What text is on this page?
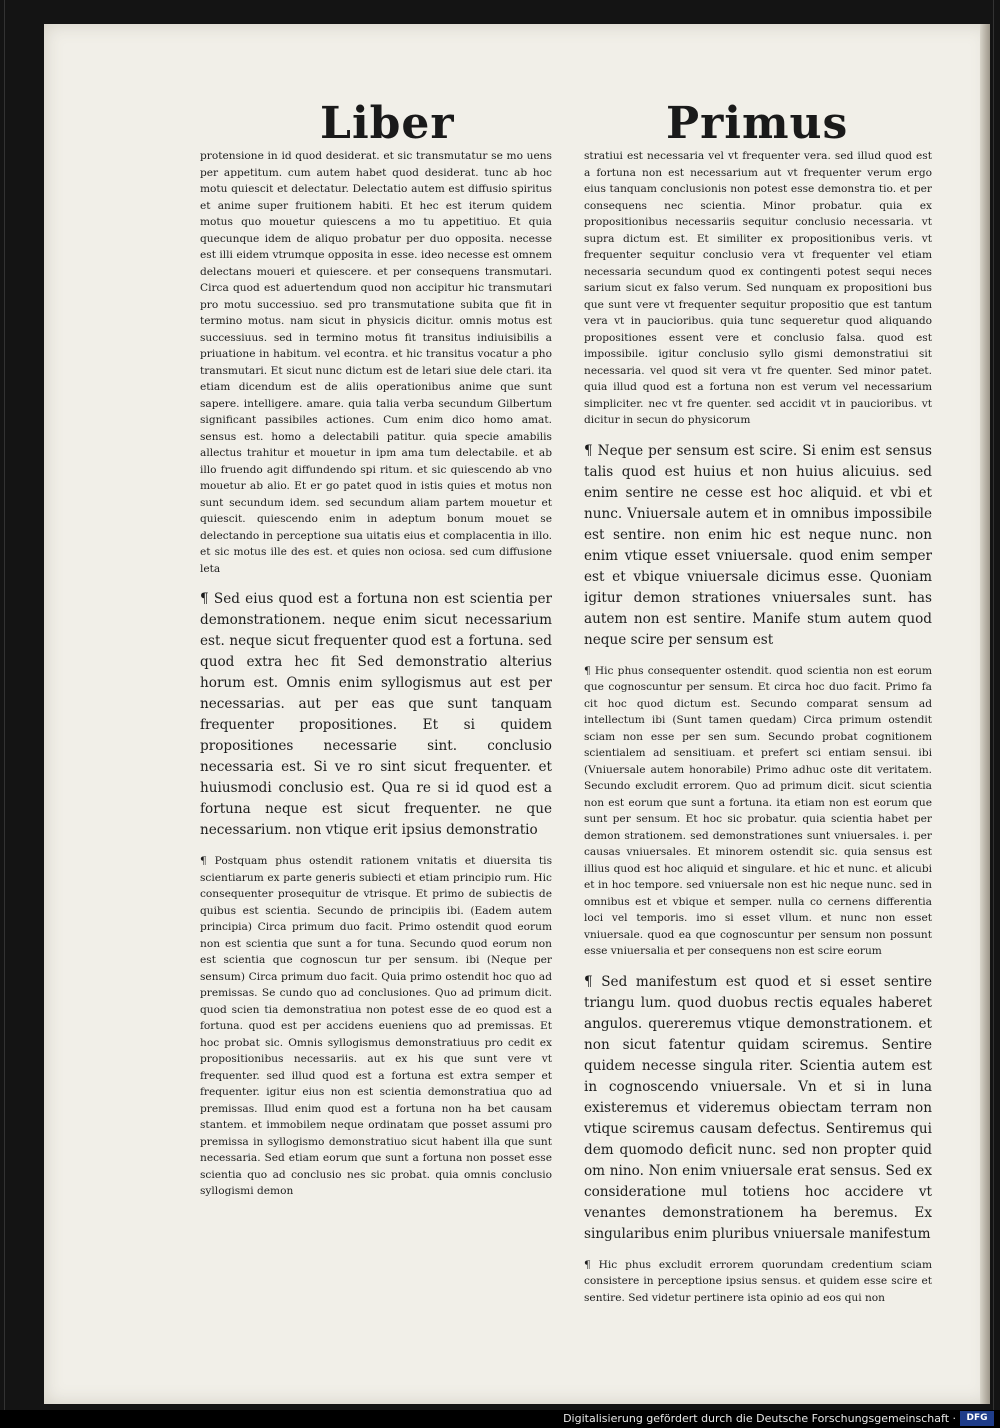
Liber	Primus

protensione in id quod desiderat. et sic transmutatur se mo uens per appetitum. cum autem habet quod desiderat. tunc ab hoc motu quiescit et delectatur. Delectatio autem est diffusio spiritus et anime super fruitionem habiti. Et hec est iterum quidem motus quo mouetur quiescens a mo tu appetitiuo. Et quia quecunque idem de aliquo probatur per duo opposita. necesse est illi eidem vtrumque opposita in esse. ideo necesse est omnem delectans moueri et quiescere. et per consequens transmutari. Circa quod est aduertendum quod non accipitur hic transmutari pro motu successiuo. sed pro transmutatione subita que fit in termino motus. nam sicut in physicis dicitur. omnis motus est successiuus. sed in termino motus fit transitus indiuisibilis a priuatione in habitum. vel econtra. et hic transitus vocatur a pho transmutari. Et sicut nunc dictum est de letari siue dele ctari. ita etiam dicendum est de aliis operationibus anime que sunt sapere. intelligere. amare. quia talia verba secundum Gilbertum significant passibiles actiones. Cum enim dico homo amat. sensus est. homo a delectabili patitur. quia specie amabilis allectus trahitur et mouetur in ipm ama tum delectabile. et ab illo fruendo agit diffundendo spi ritum. et sic quiescendo ab vno mouetur ab alio. Et er go patet quod in istis quies et motus non sunt secundum idem. sed secundum aliam partem mouetur et quiescit. quiescendo enim in adeptum bonum mouet se delectando in perceptione sua uitatis eius et complacentia in illo. et sic motus ille des est. et quies non ociosa. sed cum diffusione leta

¶ Sed eius quod est a fortuna non est scientia per demonstrationem. neque enim sicut necessarium est. neque sicut frequenter quod est a fortuna. sed quod extra hec fit Sed demonstratio alterius horum est. Omnis enim syllogismus aut est per necessarias. aut per eas que sunt tanquam frequenter propositiones. Et si quidem propositiones necessarie sint. conclusio necessaria est. Si ve ro sint sicut frequenter. et huiusmodi conclusio est. Qua re si id quod est a fortuna neque est sicut frequenter. ne que necessarium. non vtique erit ipsius demonstratio

¶ Postquam phus ostendit rationem vnitatis et diuersita tis scientiarum ex parte generis subiecti et etiam principio rum. Hic consequenter prosequitur de vtrisque. Et primo de subiectis de quibus est scientia. Secundo de principiis ibi. (Eadem autem principia) Circa primum duo facit. Primo ostendit quod eorum non est scientia que sunt a for tuna. Secundo quod eorum non est scientia que cognoscun tur per sensum. ibi (Neque per sensum) Circa primum duo facit. Quia primo ostendit hoc quo ad premissas. Se cundo quo ad conclusiones. Quo ad primum dicit. quod scien tia demonstratiua non potest esse de eo quod est a fortuna. quod est per accidens eueniens quo ad premissas. Et hoc probat sic. Omnis syllogismus demonstratiuus pro cedit ex propositionibus necessariis. aut ex his que sunt vere vt frequenter. sed illud quod est a fortuna est extra semper et frequenter. igitur eius non est scientia demonstratiua quo ad premissas. Illud enim quod est a fortuna non ha bet causam stantem. et immobilem neque ordinatam que posset assumi pro premissa in syllogismo demonstratiuo sicut habent illa que sunt necessaria. Sed etiam eorum que sunt a fortuna non posset esse scientia quo ad conclusio nes sic probat. quia omnis conclusio syllogismi demon

stratiui est necessaria vel vt frequenter vera. sed illud quod est a fortuna non est necessarium aut vt frequenter verum ergo eius tanquam conclusionis non potest esse demonstra tio. et per consequens nec scientia. Minor probatur. quia ex propositionibus necessariis sequitur conclusio necessaria. vt supra dictum est. Et similiter ex propositionibus veris. vt frequenter sequitur conclusio vera vt frequenter vel etiam necessaria secundum quod ex contingenti potest sequi neces sarium sicut ex falso verum. Sed nunquam ex propositioni bus que sunt vere vt frequenter sequitur propositio que est tantum vera vt in paucioribus. quia tunc sequeretur quod aliquando propositiones essent vere et conclusio falsa. quod est impossibile. igitur conclusio syllo gismi demonstratiui sit necessaria. vel quod sit vera vt fre quenter. Sed minor patet. quia illud quod est a fortuna non est verum vel necessarium simpliciter. nec vt fre quenter. sed accidit vt in paucioribus. vt dicitur in secun do physicorum

¶ Neque per sensum est scire. Si enim est sensus talis quod est huius et non huius alicuius. sed enim sentire ne cesse est hoc aliquid. et vbi et nunc. Vniuersale autem et in omnibus impossibile est sentire. non enim hic est neque nunc. non enim vtique esset vniuersale. quod enim semper est et vbique vniuersale dicimus esse. Quoniam igitur demon strationes vniuersales sunt. has autem non est sentire. Manife stum autem quod neque scire per sensum est

¶ Hic phus consequenter ostendit. quod scientia non est eorum que cognoscuntur per sensum. Et circa hoc duo facit. Primo fa cit hoc quod dictum est. Secundo comparat sensum ad intellectum ibi (Sunt tamen quedam) Circa primum ostendit sciam non esse per sen sum. Secundo probat cognitionem scientialem ad sensitiuam. et prefert sci entiam sensui. ibi (Vniuersale autem honorabile) Primo adhuc oste dit veritatem. Secundo excludit errorem. Quo ad primum dicit. sicut scientia non est eorum que sunt a fortuna. ita etiam non est eorum que sunt per sensum. Et hoc sic probatur. quia scientia habet per demon strationem. sed demonstrationes sunt vniuersales. i. per causas vniuersales. Et minorem ostendit sic. quia sensus est illius quod est hoc aliquid et singulare. et hic et nunc. et alicubi et in hoc tempore. sed vniuersale non est hic neque nunc. sed in omnibus est et vbique et semper. nulla co cernens differentia loci vel temporis. imo si esset vllum. et nunc non esset vniuersale. quod ea que cognoscuntur per sensum non possunt esse vniuersalia et per consequens non est scire eorum

¶ Sed manifestum est quod et si esset sentire triangu lum. quod duobus rectis equales haberet angulos. quereremus vtique demonstrationem. et non sicut fatentur quidam sciremus. Sentire quidem necesse singula riter. Scientia autem est in cognoscendo vniuersale. Vn et si in luna existeremus et videremus obiectam terram non vtique sciremus causam defectus. Sentiremus qui dem quomodo deficit nunc. sed non propter quid om nino. Non enim vniuersale erat sensus. Sed ex consideratione mul totiens hoc accidere vt venantes demonstrationem ha beremus. Ex singularibus enim pluribus vniuersale manifestum

¶ Hic phus excludit errorem quorundam credentium sciam consistere in perceptione ipsius sensus. et quidem esse scire et sentire. Sed videtur pertinere ista opinio ad eos qui non

Digitalisierung gefördert durch die Deutsche Forschungsgemeinschaft ·	DFG
